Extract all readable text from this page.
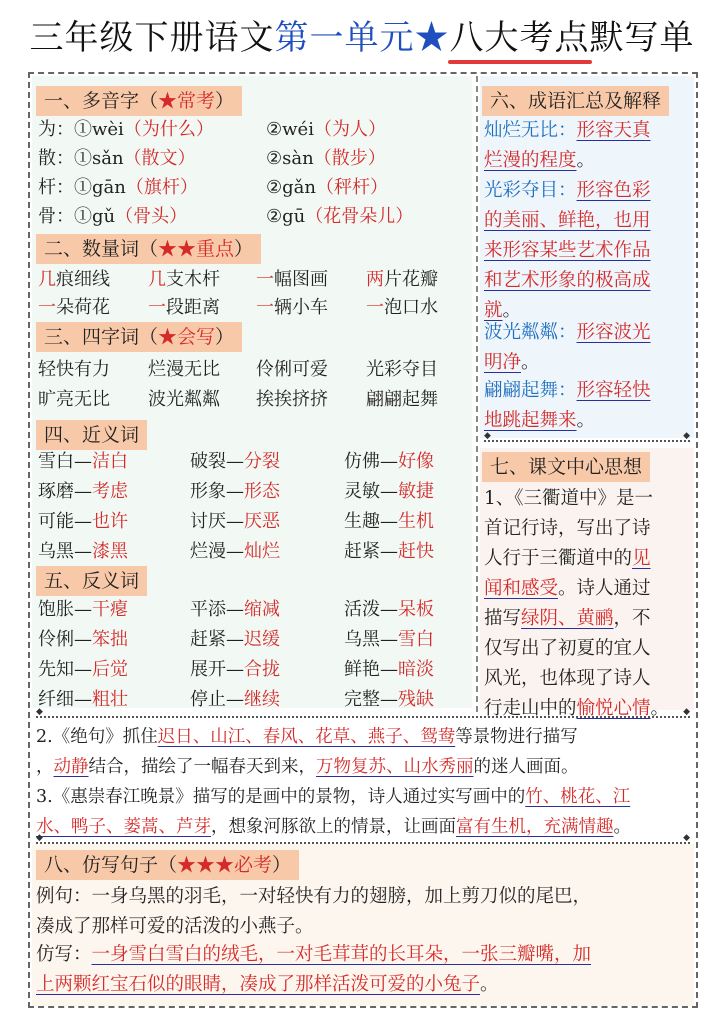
三年级下册语文第一单元★八大考点默写单
一、多音字（★常考）
为：①wèi（为什么）	②wéi（为人）
散：①sǎn（散文）	②sàn（散步）
杆：①gān（旗杆）	②gǎn（秤杆）
骨：①gǔ（骨头）	②gū（花骨朵儿）
二、数量词（★★重点）
几痕细线 几支木杆 一幅图画 两片花瓣
一朵荷花 一段距离 一辆小车 一泡口水
三、四字词（★会写）
轻快有力 烂漫无比 伶俐可爱 光彩夺目
旷亮无比 波光粼粼 挨挨挤挤 翩翩起舞
四、近义词
雪白—洁白	破裂—分裂	仿佛—好像
琢磨—考虑	形象—形态	灵敏—敏捷
可能—也许	讨厌—厌恶	生趣—生机
乌黑—漆黑	烂漫—灿烂	赶紧—赶快
五、反义词
饱胀—干瘪	平添—缩减	活泼—呆板
伶俐—笨拙	赶紧—迟缓	乌黑—雪白
先知—后觉	展开—合拢	鲜艳—暗淡
纤细—粗壮	停止—继续	完整—残缺
六、成语汇总及解释
灿烂无比：形容天真
烂漫的程度。
光彩夺目：形容色彩
的美丽、鲜艳，也用
来形容某些艺术作品
和艺术形象的极高成
就。
波光粼粼：形容波光
明净。
翩翩起舞：形容轻快
地跳起舞来。
◆ ◆
七、课文中心思想
1、《三衢道中》是一
首记行诗，写出了诗
人行于三衢道中的见
闻和感受。诗人通过
描写绿阴、黄鹂，不
仅写出了初夏的宜人
风光，也体现了诗人
行走山中的愉悦心情。
◆ ◆
2.《绝句》抓住迟日、山江、春风、花草、燕子、鸳鸯等景物进行描写
，动静结合，描绘了一幅春天到来，万物复苏、山水秀丽的迷人画面。
3.《惠崇春江晚景》描写的是画中的景物，诗人通过实写画中的竹、桃花、江
水、鸭子、蒌蒿、芦芽，想象河豚欲上的情景，让画面富有生机，充满情趣。
◆ ◆
八、仿写句子（★★★必考）
例句：一身乌黑的羽毛，一对轻快有力的翅膀，加上剪刀似的尾巴，
凑成了那样可爱的活泼的小燕子。
仿写：一身雪白雪白的绒毛，一对毛茸茸的长耳朵，一张三瓣嘴，加
上两颗红宝石似的眼睛，凑成了那样活泼可爱的小兔子。
